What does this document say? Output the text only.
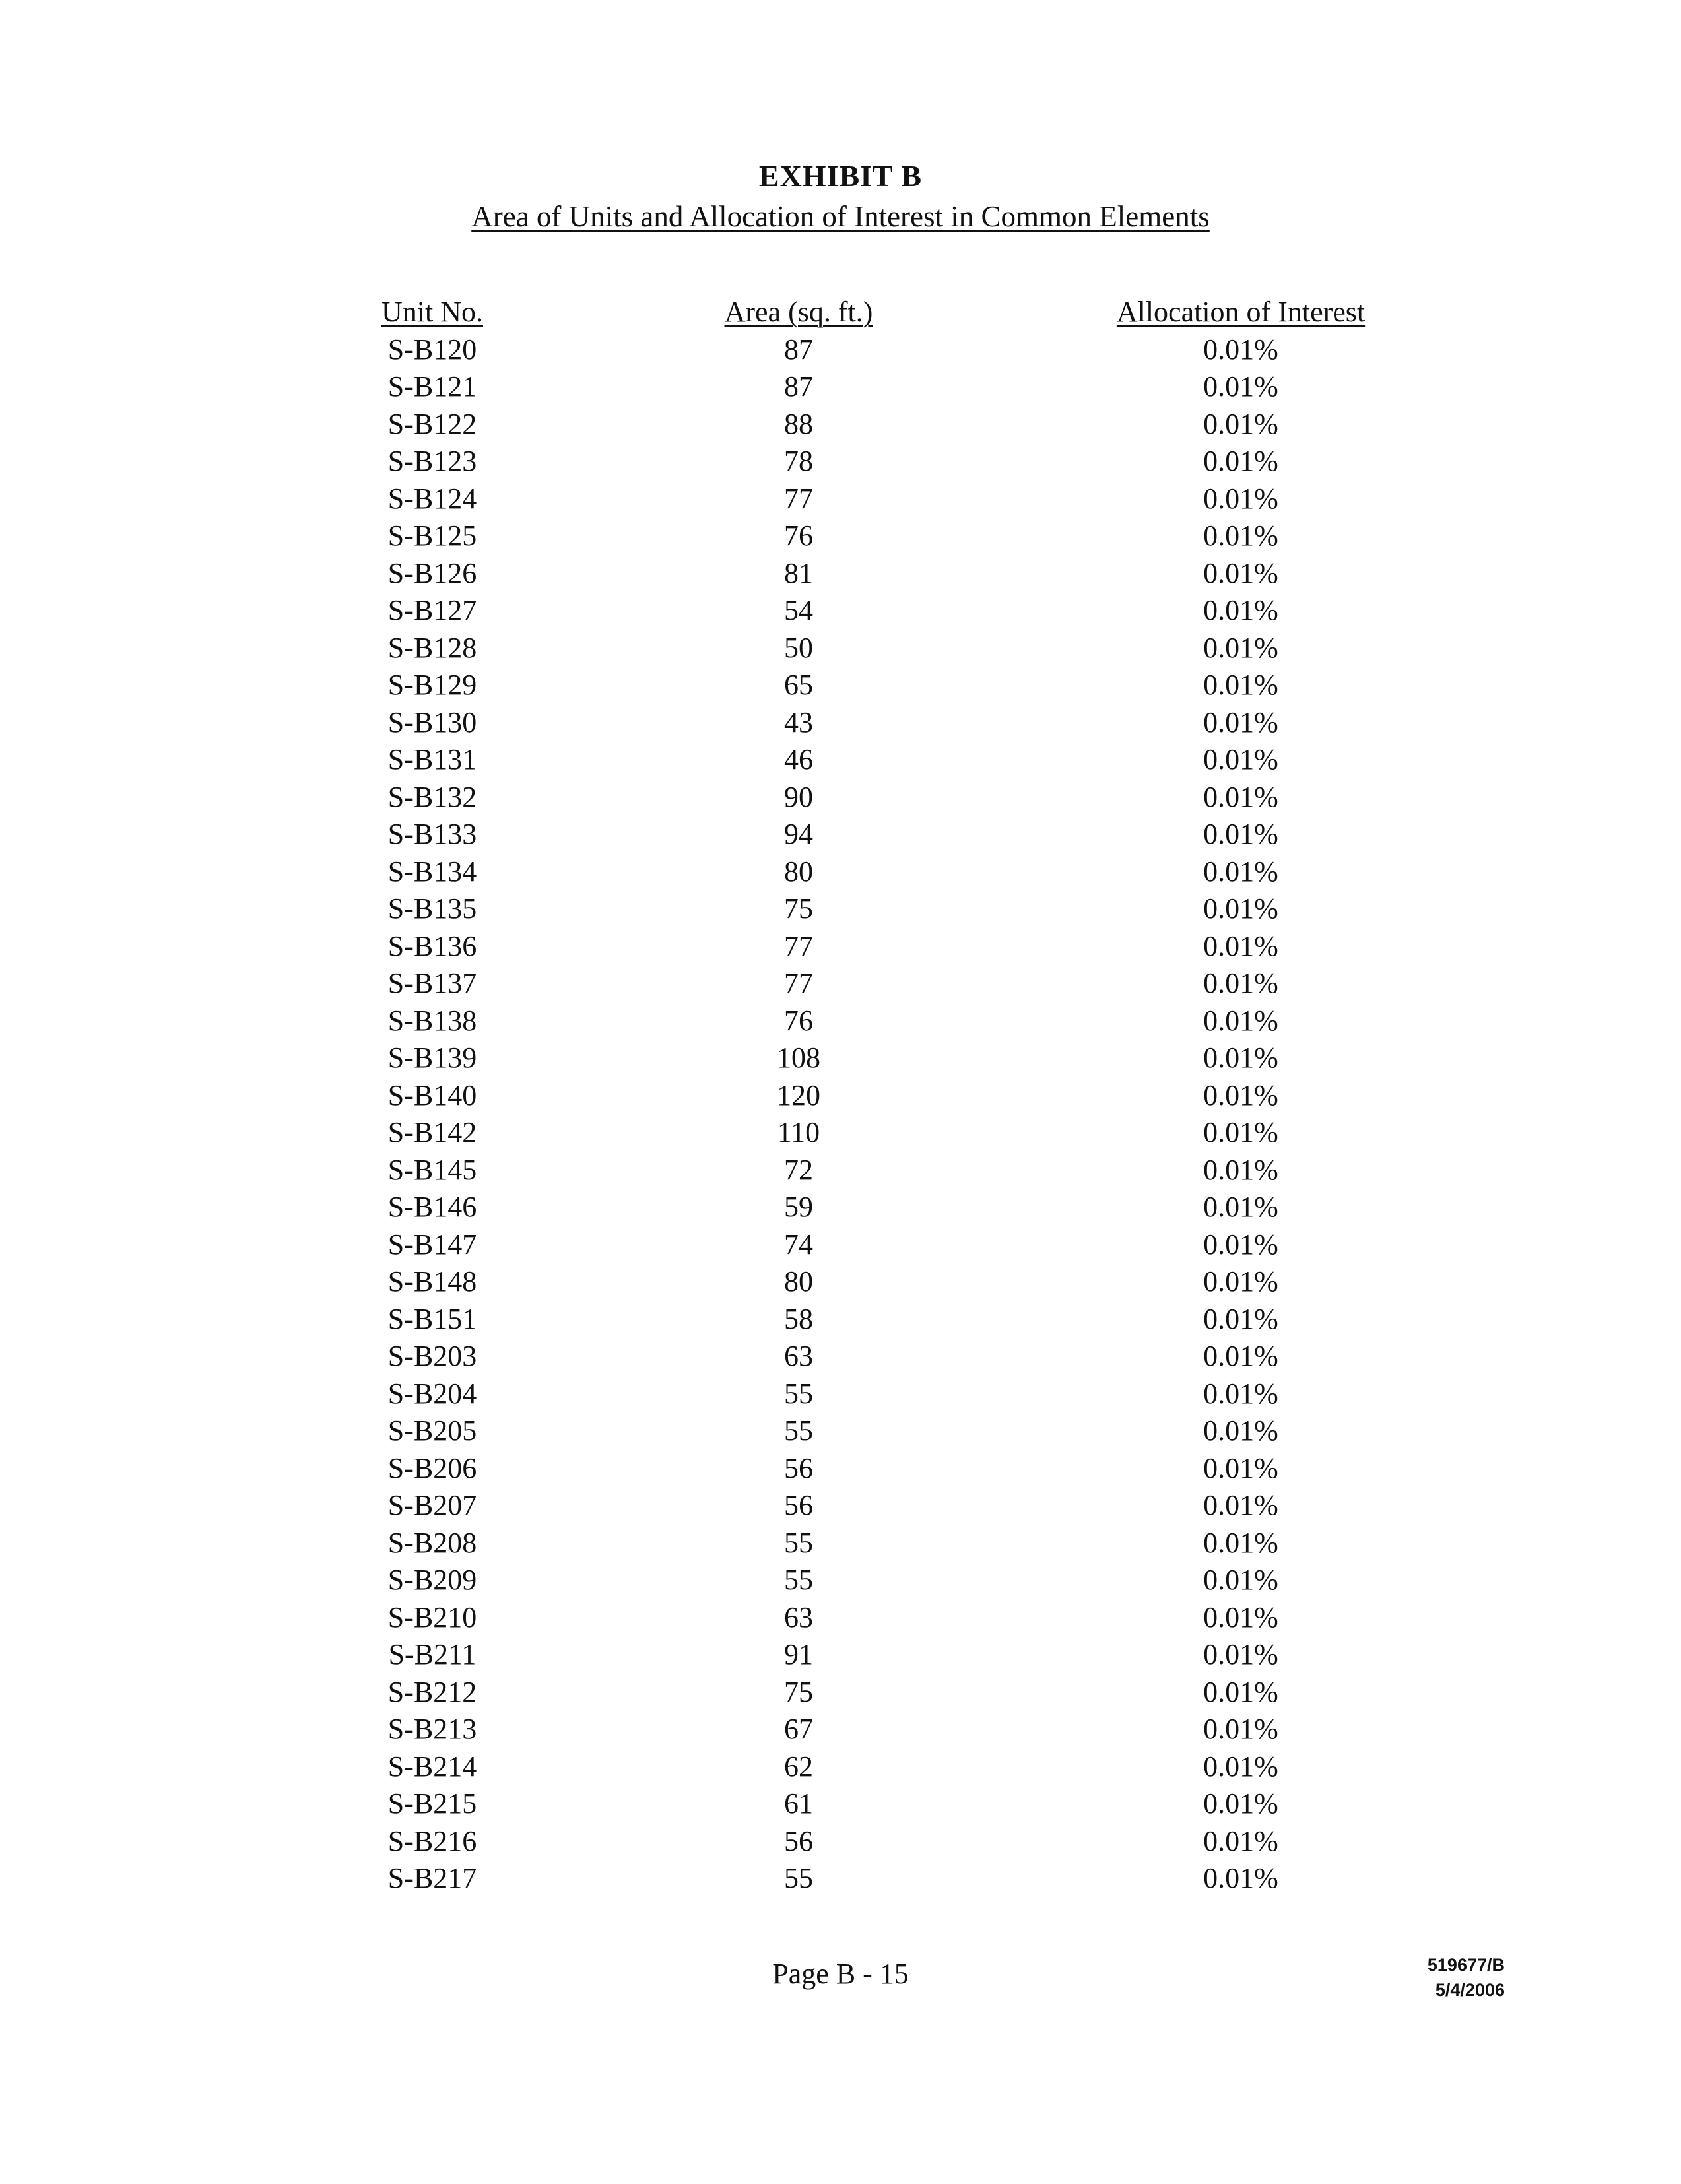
EXHIBIT B
Area of Units and Allocation of Interest in Common Elements
Unit No.	Area (sq. ft.)	Allocation of Interest
S-B120	87	0.01%
S-B121	87	0.01%
S-B122	88	0.01%
S-B123	78	0.01%
S-B124	77	0.01%
S-B125	76	0.01%
S-B126	81	0.01%
S-B127	54	0.01%
S-B128	50	0.01%
S-B129	65	0.01%
S-B130	43	0.01%
S-B131	46	0.01%
S-B132	90	0.01%
S-B133	94	0.01%
S-B134	80	0.01%
S-B135	75	0.01%
S-B136	77	0.01%
S-B137	77	0.01%
S-B138	76	0.01%
S-B139	108	0.01%
S-B140	120	0.01%
S-B142	110	0.01%
S-B145	72	0.01%
S-B146	59	0.01%
S-B147	74	0.01%
S-B148	80	0.01%
S-B151	58	0.01%
S-B203	63	0.01%
S-B204	55	0.01%
S-B205	55	0.01%
S-B206	56	0.01%
S-B207	56	0.01%
S-B208	55	0.01%
S-B209	55	0.01%
S-B210	63	0.01%
S-B211	91	0.01%
S-B212	75	0.01%
S-B213	67	0.01%
S-B214	62	0.01%
S-B215	61	0.01%
S-B216	56	0.01%
S-B217	55	0.01%
Page B - 15	519677/B
5/4/2006
